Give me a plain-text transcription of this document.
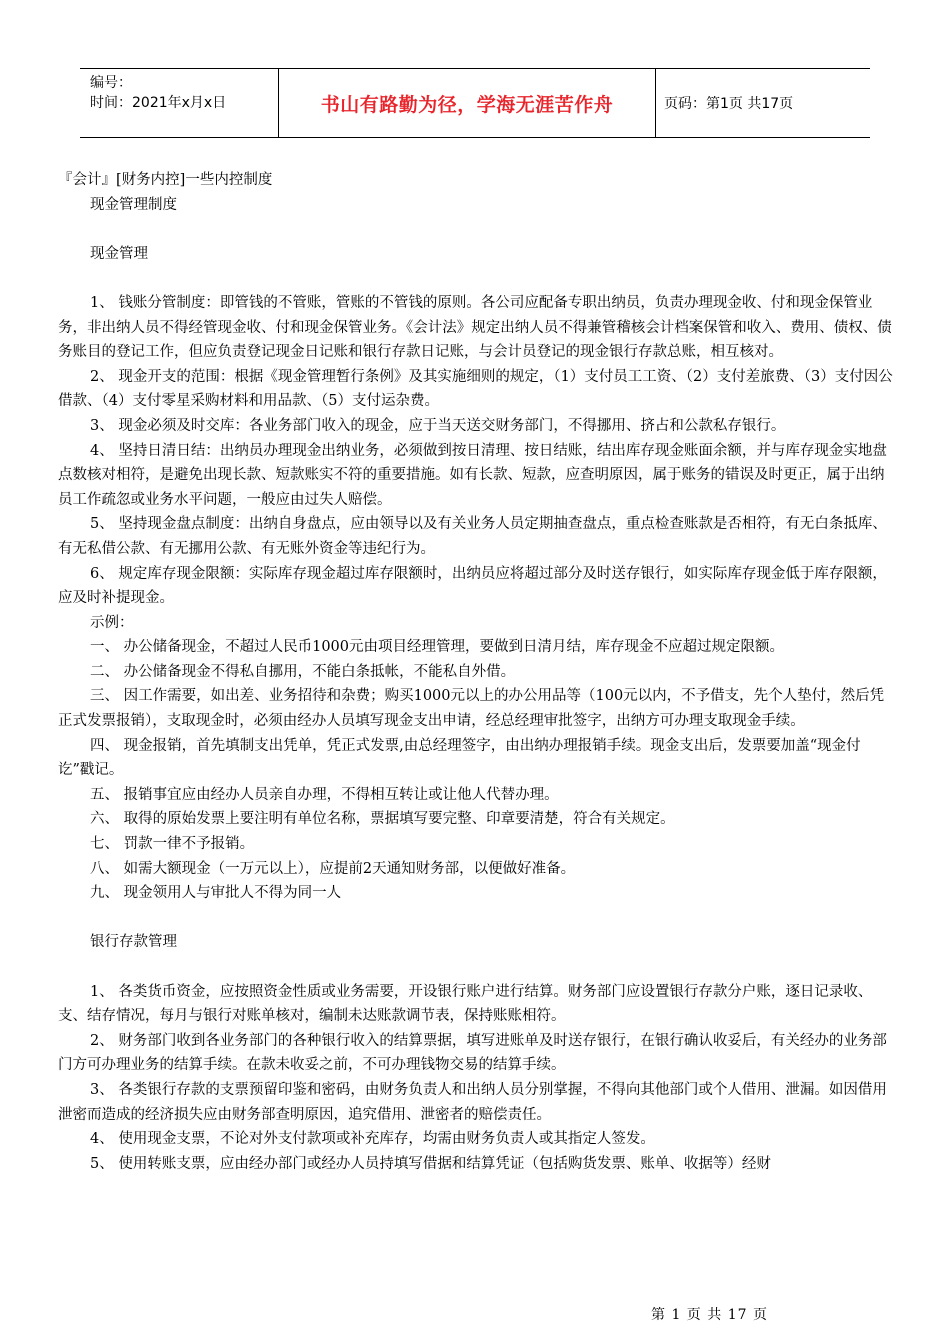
编号：
时间：2021年x月x日	书山有路勤为径，学海无涯苦作舟	页码：第1页 共17页

『会计』[财务内控]一些内控制度

现金管理制度

现金管理

1、 钱账分管制度：即管钱的不管账，管账的不管钱的原则。各公司应配备专职出纳员，负责办理现金收、付和现金保管业务，非出纳人员不得经管现金收、付和现金保管业务。《会计法》规定出纳人员不得兼管稽核会计档案保管和收入、费用、债权、债务账目的登记工作，但应负责登记现金日记账和银行存款日记账，与会计员登记的现金银行存款总账，相互核对。

2、 现金开支的范围：根据《现金管理暂行条例》及其实施细则的规定，（1）支付员工工资、（2）支付差旅费、（3）支付因公借款、（4）支付零星采购材料和用品款、（5）支付运杂费。

3、 现金必须及时交库：各业务部门收入的现金，应于当天送交财务部门，不得挪用、挤占和公款私存银行。

4、 坚持日清日结：出纳员办理现金出纳业务，必须做到按日清理、按日结账，结出库存现金账面余额，并与库存现金实地盘点数核对相符，是避免出现长款、短款账实不符的重要措施。如有长款、短款，应查明原因，属于账务的错误及时更正，属于出纳员工作疏忽或业务水平问题，一般应由过失人赔偿。

5、 坚持现金盘点制度：出纳自身盘点，应由领导以及有关业务人员定期抽查盘点，重点检查账款是否相符，有无白条抵库、有无私借公款、有无挪用公款、有无账外资金等违纪行为。

6、 规定库存现金限额：实际库存现金超过库存限额时，出纳员应将超过部分及时送存银行，如实际库存现金低于库存限额，应及时补提现金。

示例：

一、 办公储备现金，不超过人民币1000元由项目经理管理，要做到日清月结，库存现金不应超过规定限额。

二、 办公储备现金不得私自挪用，不能白条抵帐，不能私自外借。

三、 因工作需要，如出差、业务招待和杂费；购买1000元以上的办公用品等（100元以内，不予借支，先个人垫付，然后凭正式发票报销），支取现金时，必须由经办人员填写现金支出申请，经总经理审批签字，出纳方可办理支取现金手续。

四、 现金报销，首先填制支出凭单，凭正式发票,由总经理签字，由出纳办理报销手续。现金支出后，发票要加盖“现金付讫”戳记。

五、 报销事宜应由经办人员亲自办理，不得相互转让或让他人代替办理。

六、 取得的原始发票上要注明有单位名称，票据填写要完整、印章要清楚，符合有关规定。

七、 罚款一律不予报销。

八、 如需大额现金（一万元以上），应提前2天通知财务部，以便做好准备。

九、 现金领用人与审批人不得为同一人

银行存款管理

1、 各类货币资金，应按照资金性质或业务需要，开设银行账户进行结算。财务部门应设置银行存款分户账，逐日记录收、支、结存情况，每月与银行对账单核对，编制未达账款调节表，保持账账相符。

2、 财务部门收到各业务部门的各种银行收入的结算票据，填写进账单及时送存银行，在银行确认收妥后，有关经办的业务部门方可办理业务的结算手续。在款未收妥之前，不可办理钱物交易的结算手续。

3、 各类银行存款的支票预留印鉴和密码，由财务负责人和出纳人员分别掌握，不得向其他部门或个人借用、泄漏。如因借用泄密而造成的经济损失应由财务部查明原因，追究借用、泄密者的赔偿责任。

4、 使用现金支票，不论对外支付款项或补充库存，均需由财务负责人或其指定人签发。

5、 使用转账支票，应由经办部门或经办人员持填写借据和结算凭证（包括购货发票、账单、收据等）经财

第 1 页 共 17 页
